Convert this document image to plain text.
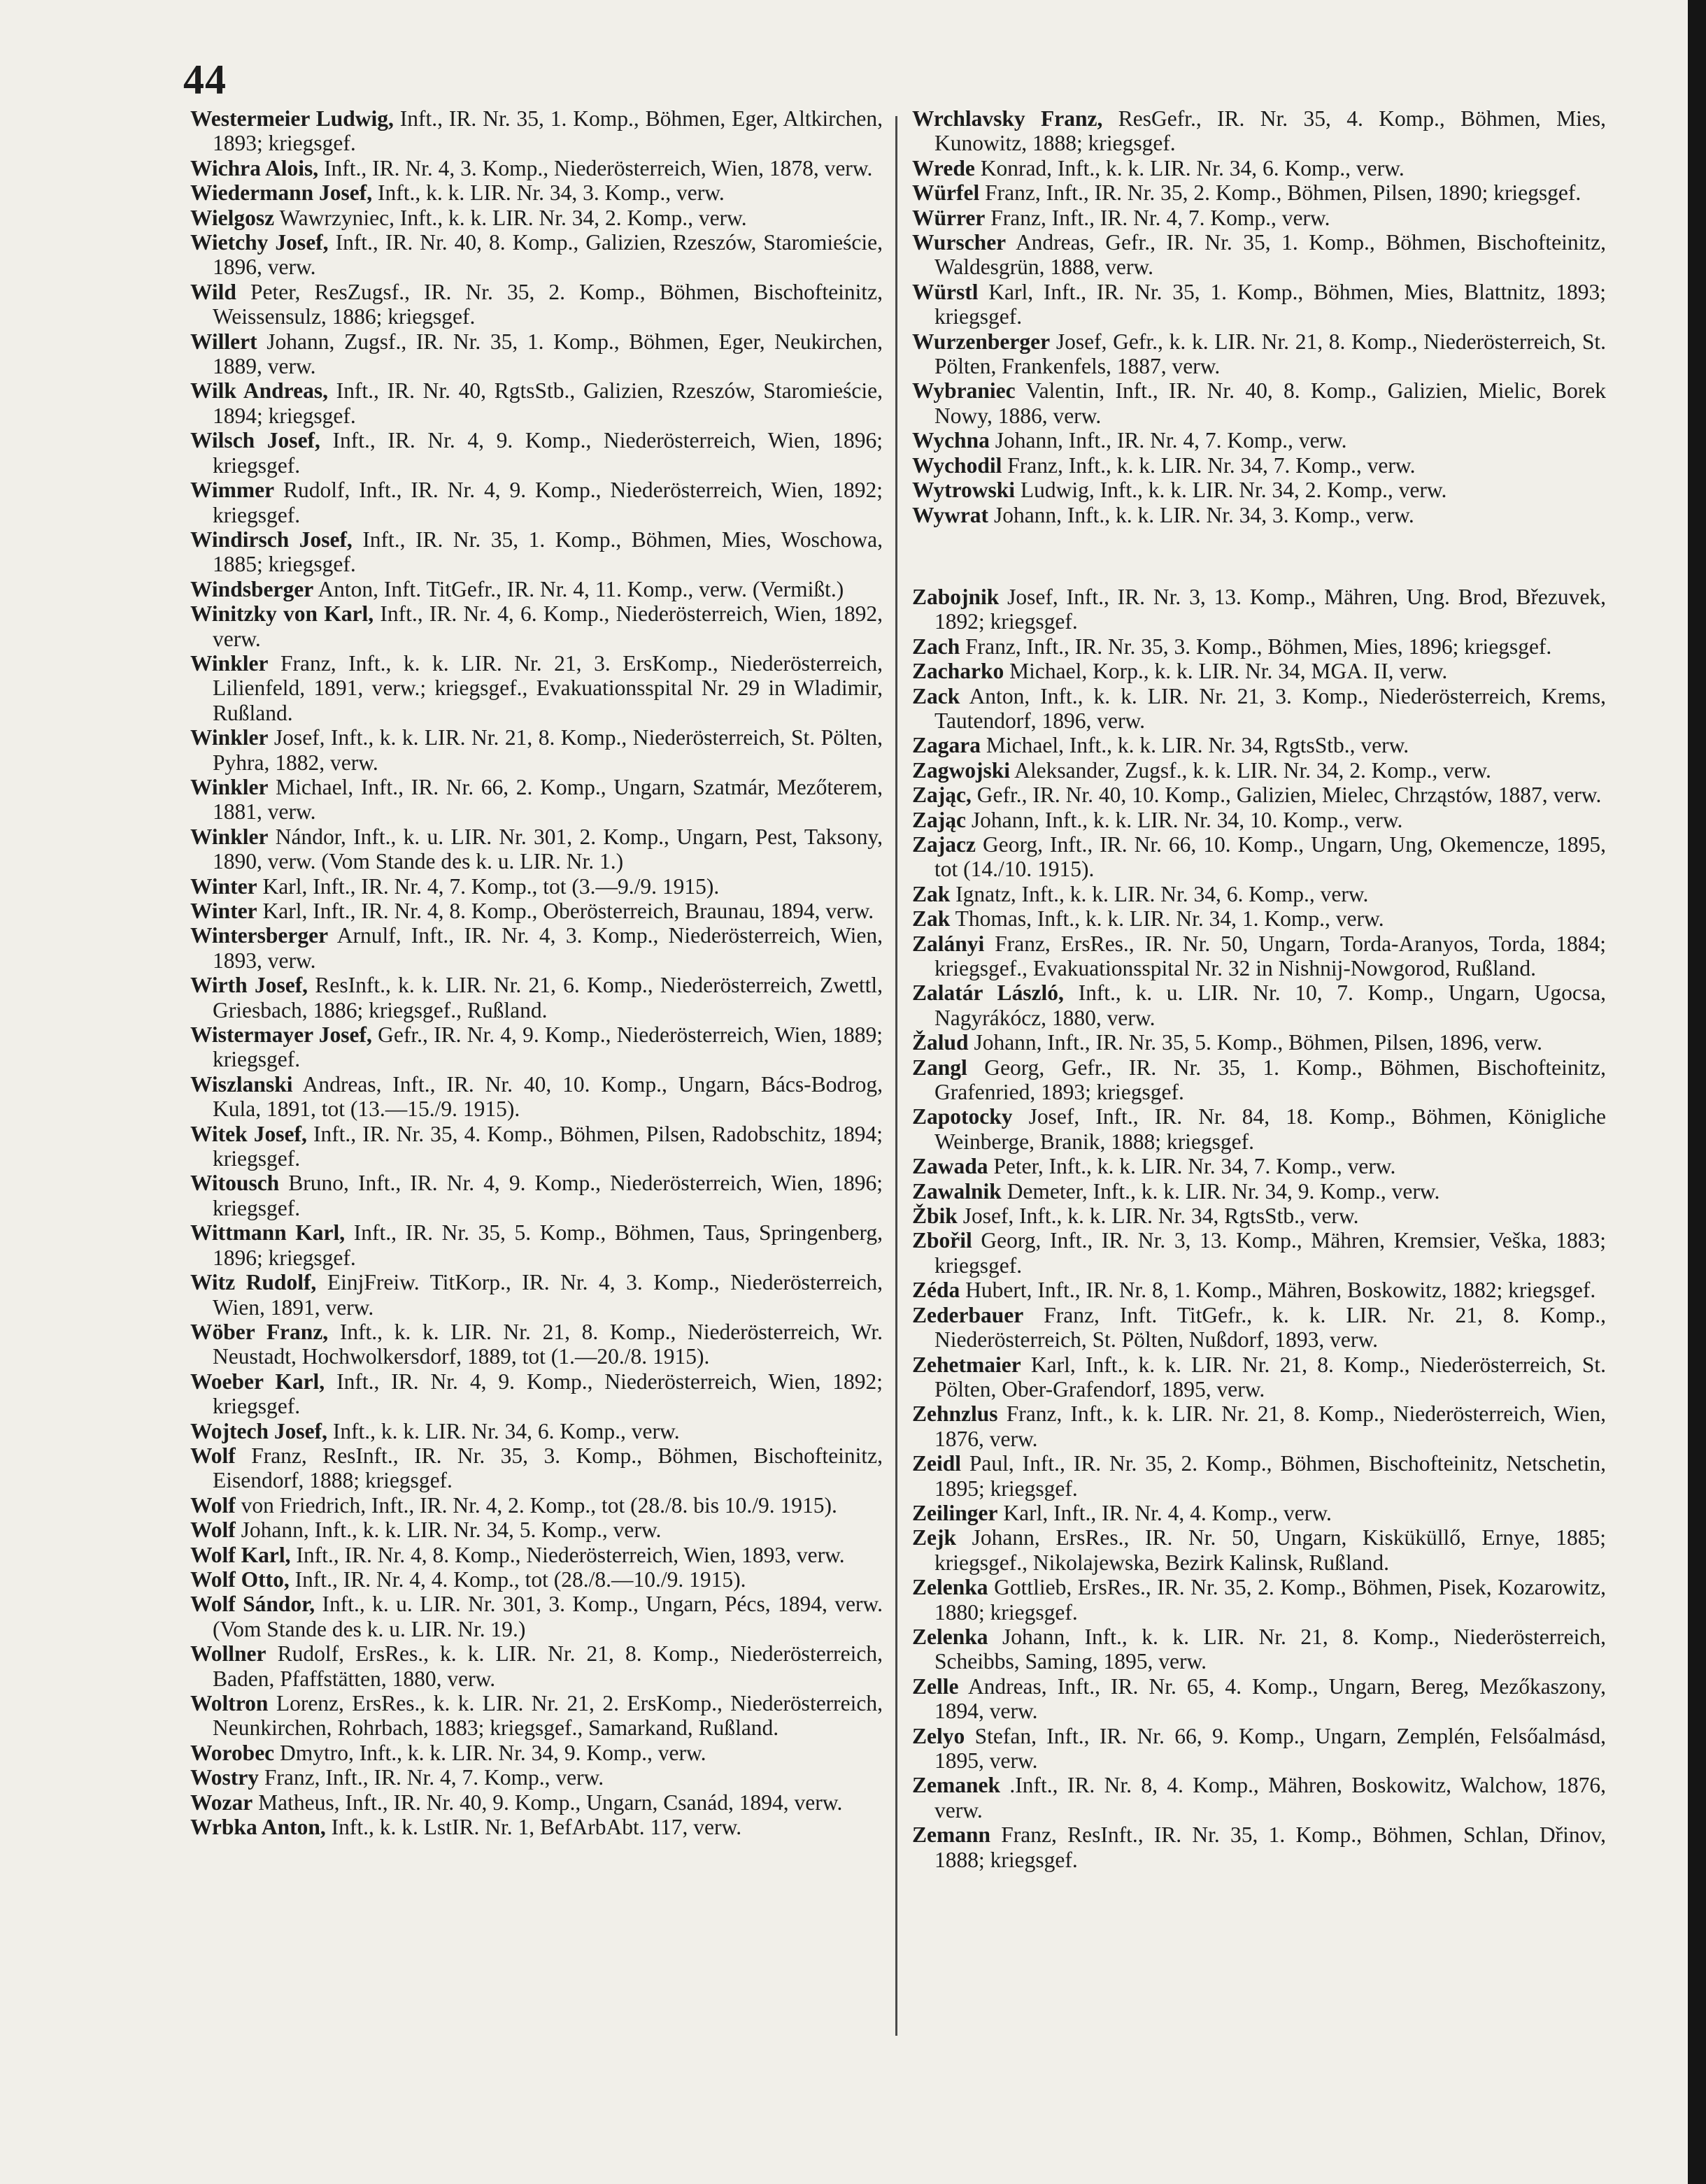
44

Westermeier Ludwig, Inft., IR. Nr. 35, 1. Komp., Böhmen, Eger, Altkirchen, 1893; kriegsgef.

Wichra Alois, Inft., IR. Nr. 4, 3. Komp., Niederösterreich, Wien, 1878, verw.

Wiedermann Josef, Inft., k. k. LIR. Nr. 34, 3. Komp., verw.

Wielgosz Wawrzyniec, Inft., k. k. LIR. Nr. 34, 2. Komp., verw.

Wietchy Josef, Inft., IR. Nr. 40, 8. Komp., Galizien, Rzeszów, Staromieście, 1896, verw.

Wild Peter, ResZugsf., IR. Nr. 35, 2. Komp., Böhmen, Bischofteinitz, Weissensulz, 1886; kriegsgef.

Willert Johann, Zugsf., IR. Nr. 35, 1. Komp., Böhmen, Eger, Neukirchen, 1889, verw.

Wilk Andreas, Inft., IR. Nr. 40, RgtsStb., Galizien, Rzeszów, Staromieście, 1894; kriegsgef.

Wilsch Josef, Inft., IR. Nr. 4, 9. Komp., Niederösterreich, Wien, 1896; kriegsgef.

Wimmer Rudolf, Inft., IR. Nr. 4, 9. Komp., Niederösterreich, Wien, 1892; kriegsgef.

Windirsch Josef, Inft., IR. Nr. 35, 1. Komp., Böhmen, Mies, Woschowa, 1885; kriegsgef.

Windsberger Anton, Inft. TitGefr., IR. Nr. 4, 11. Komp., verw. (Vermißt.)

Winitzky von Karl, Inft., IR. Nr. 4, 6. Komp., Niederösterreich, Wien, 1892, verw.

Winkler Franz, Inft., k. k. LIR. Nr. 21, 3. ErsKomp., Niederösterreich, Lilienfeld, 1891, verw.; kriegsgef., Evakuationsspital Nr. 29 in Wladimir, Rußland.

Winkler Josef, Inft., k. k. LIR. Nr. 21, 8. Komp., Niederösterreich, St. Pölten, Pyhra, 1882, verw.

Winkler Michael, Inft., IR. Nr. 66, 2. Komp., Ungarn, Szatmár, Mezőterem, 1881, verw.

Winkler Nándor, Inft., k. u. LIR. Nr. 301, 2. Komp., Ungarn, Pest, Taksony, 1890, verw. (Vom Stande des k. u. LIR. Nr. 1.)

Winter Karl, Inft., IR. Nr. 4, 7. Komp., tot (3.—9./9. 1915).

Winter Karl, Inft., IR. Nr. 4, 8. Komp., Oberösterreich, Braunau, 1894, verw.

Wintersberger Arnulf, Inft., IR. Nr. 4, 3. Komp., Niederösterreich, Wien, 1893, verw.

Wirth Josef, ResInft., k. k. LIR. Nr. 21, 6. Komp., Niederösterreich, Zwettl, Griesbach, 1886; kriegsgef., Rußland.

Wistermayer Josef, Gefr., IR. Nr. 4, 9. Komp., Niederösterreich, Wien, 1889; kriegsgef.

Wiszlanski Andreas, Inft., IR. Nr. 40, 10. Komp., Ungarn, Bács-Bodrog, Kula, 1891, tot (13.—15./9. 1915).

Witek Josef, Inft., IR. Nr. 35, 4. Komp., Böhmen, Pilsen, Radobschitz, 1894; kriegsgef.

Witousch Bruno, Inft., IR. Nr. 4, 9. Komp., Niederösterreich, Wien, 1896; kriegsgef.

Wittmann Karl, Inft., IR. Nr. 35, 5. Komp., Böhmen, Taus, Springenberg, 1896; kriegsgef.

Witz Rudolf, EinjFreiw. TitKorp., IR. Nr. 4, 3. Komp., Niederösterreich, Wien, 1891, verw.

Wöber Franz, Inft., k. k. LIR. Nr. 21, 8. Komp., Niederösterreich, Wr. Neustadt, Hochwolkersdorf, 1889, tot (1.—20./8. 1915).

Woeber Karl, Inft., IR. Nr. 4, 9. Komp., Niederösterreich, Wien, 1892; kriegsgef.

Wojtech Josef, Inft., k. k. LIR. Nr. 34, 6. Komp., verw.

Wolf Franz, ResInft., IR. Nr. 35, 3. Komp., Böhmen, Bischofteinitz, Eisendorf, 1888; kriegsgef.

Wolf von Friedrich, Inft., IR. Nr. 4, 2. Komp., tot (28./8. bis 10./9. 1915).

Wolf Johann, Inft., k. k. LIR. Nr. 34, 5. Komp., verw.

Wolf Karl, Inft., IR. Nr. 4, 8. Komp., Niederösterreich, Wien, 1893, verw.

Wolf Otto, Inft., IR. Nr. 4, 4. Komp., tot (28./8.—10./9. 1915).

Wolf Sándor, Inft., k. u. LIR. Nr. 301, 3. Komp., Ungarn, Pécs, 1894, verw. (Vom Stande des k. u. LIR. Nr. 19.)

Wollner Rudolf, ErsRes., k. k. LIR. Nr. 21, 8. Komp., Niederösterreich, Baden, Pfaffstätten, 1880, verw.

Woltron Lorenz, ErsRes., k. k. LIR. Nr. 21, 2. ErsKomp., Niederösterreich, Neunkirchen, Rohrbach, 1883; kriegsgef., Samarkand, Rußland.

Worobec Dmytro, Inft., k. k. LIR. Nr. 34, 9. Komp., verw.

Wostry Franz, Inft., IR. Nr. 4, 7. Komp., verw.

Wozar Matheus, Inft., IR. Nr. 40, 9. Komp., Ungarn, Csanád, 1894, verw.

Wrbka Anton, Inft., k. k. LstIR. Nr. 1, BefArbAbt. 117, verw.

Wrchlavsky Franz, ResGefr., IR. Nr. 35, 4. Komp., Böhmen, Mies, Kunowitz, 1888; kriegsgef.

Wrede Konrad, Inft., k. k. LIR. Nr. 34, 6. Komp., verw.

Würfel Franz, Inft., IR. Nr. 35, 2. Komp., Böhmen, Pilsen, 1890; kriegsgef.

Würrer Franz, Inft., IR. Nr. 4, 7. Komp., verw.

Wurscher Andreas, Gefr., IR. Nr. 35, 1. Komp., Böhmen, Bischofteinitz, Waldesgrün, 1888, verw.

Würstl Karl, Inft., IR. Nr. 35, 1. Komp., Böhmen, Mies, Blattnitz, 1893; kriegsgef.

Wurzenberger Josef, Gefr., k. k. LIR. Nr. 21, 8. Komp., Niederösterreich, St. Pölten, Frankenfels, 1887, verw.

Wybraniec Valentin, Inft., IR. Nr. 40, 8. Komp., Galizien, Mielic, Borek Nowy, 1886, verw.

Wychna Johann, Inft., IR. Nr. 4, 7. Komp., verw.

Wychodil Franz, Inft., k. k. LIR. Nr. 34, 7. Komp., verw.

Wytrowski Ludwig, Inft., k. k. LIR. Nr. 34, 2. Komp., verw.

Wywrat Johann, Inft., k. k. LIR. Nr. 34, 3. Komp., verw.

Zabojnik Josef, Inft., IR. Nr. 3, 13. Komp., Mähren, Ung. Brod, Březuvek, 1892; kriegsgef.

Zach Franz, Inft., IR. Nr. 35, 3. Komp., Böhmen, Mies, 1896; kriegsgef.

Zacharko Michael, Korp., k. k. LIR. Nr. 34, MGA. II, verw.

Zack Anton, Inft., k. k. LIR. Nr. 21, 3. Komp., Niederösterreich, Krems, Tautendorf, 1896, verw.

Zagara Michael, Inft., k. k. LIR. Nr. 34, RgtsStb., verw.

Zagwojski Aleksander, Zugsf., k. k. LIR. Nr. 34, 2. Komp., verw.

Zając, Gefr., IR. Nr. 40, 10. Komp., Galizien, Mielec, Chrząstów, 1887, verw.

Zając Johann, Inft., k. k. LIR. Nr. 34, 10. Komp., verw.

Zajacz Georg, Inft., IR. Nr. 66, 10. Komp., Ungarn, Ung, Okemencze, 1895, tot (14./10. 1915).

Zak Ignatz, Inft., k. k. LIR. Nr. 34, 6. Komp., verw.

Zak Thomas, Inft., k. k. LIR. Nr. 34, 1. Komp., verw.

Zalányi Franz, ErsRes., IR. Nr. 50, Ungarn, Torda-Aranyos, Torda, 1884; kriegsgef., Evakuationsspital Nr. 32 in Nishnij-Nowgorod, Rußland.

Zalatár László, Inft., k. u. LIR. Nr. 10, 7. Komp., Ungarn, Ugocsa, Nagyrákócz, 1880, verw.

Žalud Johann, Inft., IR. Nr. 35, 5. Komp., Böhmen, Pilsen, 1896, verw.

Zangl Georg, Gefr., IR. Nr. 35, 1. Komp., Böhmen, Bischofteinitz, Grafenried, 1893; kriegsgef.

Zapotocky Josef, Inft., IR. Nr. 84, 18. Komp., Böhmen, Königliche Weinberge, Branik, 1888; kriegsgef.

Zawada Peter, Inft., k. k. LIR. Nr. 34, 7. Komp., verw.

Zawalnik Demeter, Inft., k. k. LIR. Nr. 34, 9. Komp., verw.

Žbik Josef, Inft., k. k. LIR. Nr. 34, RgtsStb., verw.

Zbořil Georg, Inft., IR. Nr. 3, 13. Komp., Mähren, Kremsier, Veška, 1883; kriegsgef.

Zéda Hubert, Inft., IR. Nr. 8, 1. Komp., Mähren, Boskowitz, 1882; kriegsgef.

Zederbauer Franz, Inft. TitGefr., k. k. LIR. Nr. 21, 8. Komp., Niederösterreich, St. Pölten, Nußdorf, 1893, verw.

Zehetmaier Karl, Inft., k. k. LIR. Nr. 21, 8. Komp., Niederösterreich, St. Pölten, Ober-Grafendorf, 1895, verw.

Zehnzlus Franz, Inft., k. k. LIR. Nr. 21, 8. Komp., Niederösterreich, Wien, 1876, verw.

Zeidl Paul, Inft., IR. Nr. 35, 2. Komp., Böhmen, Bischofteinitz, Netschetin, 1895; kriegsgef.

Zeilinger Karl, Inft., IR. Nr. 4, 4. Komp., verw.

Zejk Johann, ErsRes., IR. Nr. 50, Ungarn, Kisküküllő, Ernye, 1885; kriegsgef., Nikolajewska, Bezirk Kalinsk, Rußland.

Zelenka Gottlieb, ErsRes., IR. Nr. 35, 2. Komp., Böhmen, Pisek, Kozarowitz, 1880; kriegsgef.

Zelenka Johann, Inft., k. k. LIR. Nr. 21, 8. Komp., Niederösterreich, Scheibbs, Saming, 1895, verw.

Zelle Andreas, Inft., IR. Nr. 65, 4. Komp., Ungarn, Bereg, Mezőkaszony, 1894, verw.

Zelyo Stefan, Inft., IR. Nr. 66, 9. Komp., Ungarn, Zemplén, Felsőalmásd, 1895, verw.

Zemanek .Inft., IR. Nr. 8, 4. Komp., Mähren, Boskowitz, Walchow, 1876, verw.

Zemann Franz, ResInft., IR. Nr. 35, 1. Komp., Böhmen, Schlan, Dřinov, 1888; kriegsgef.
